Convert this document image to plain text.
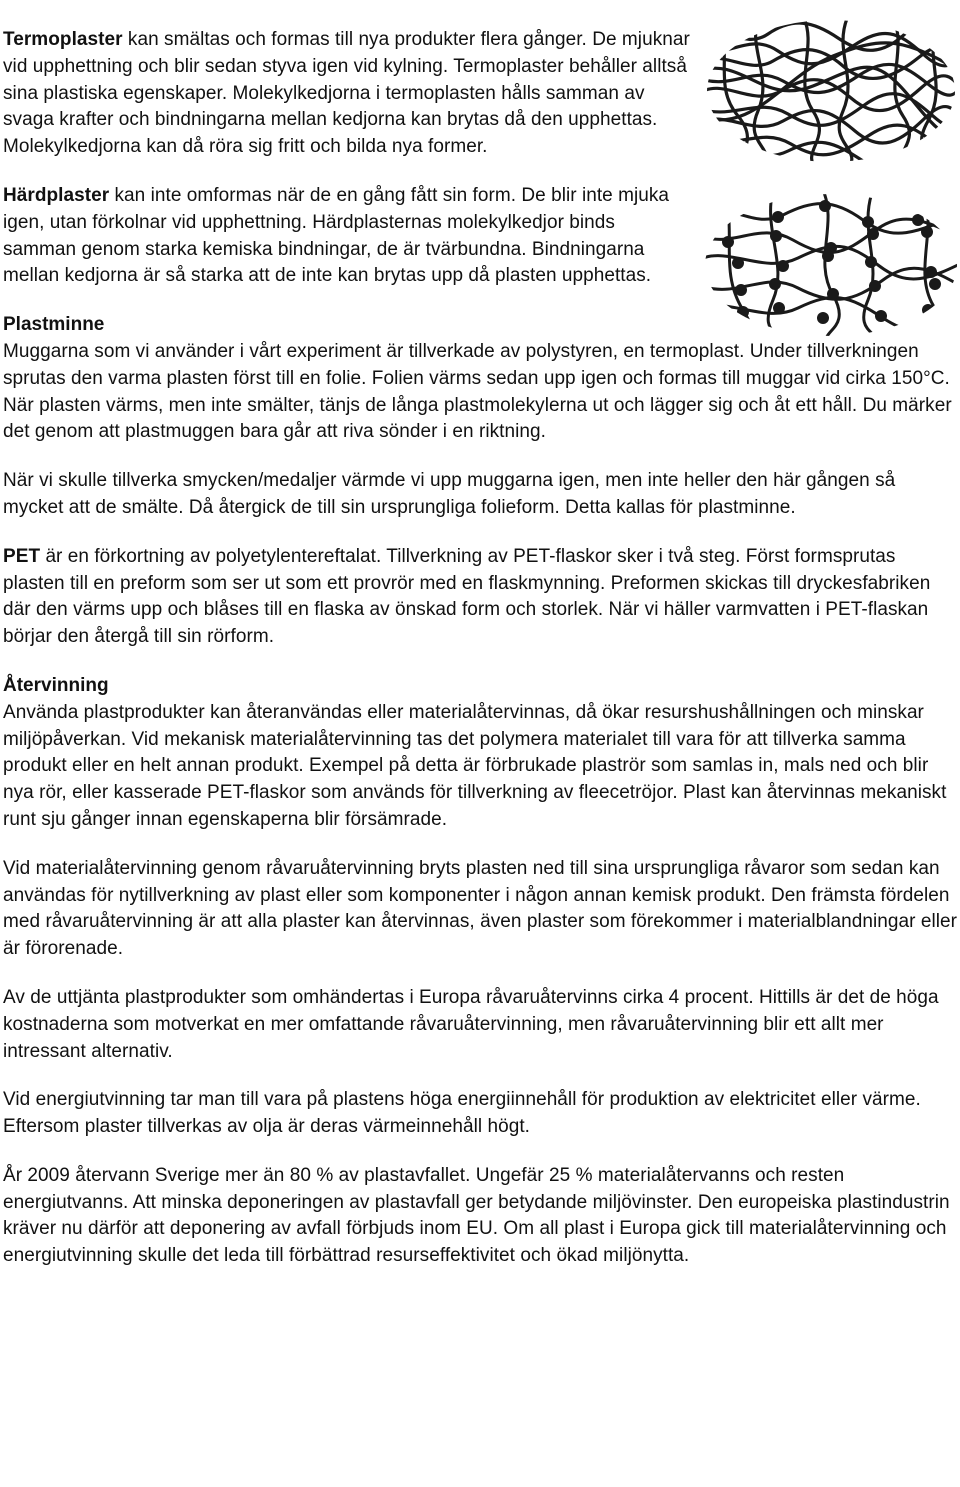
Termoplaster kan smältas och formas till nya produkter flera gånger. De mjuknar vid upphettning och blir sedan styva igen vid kylning. Termoplaster behåller alltså sina plastiska egenskaper. Molekylkedjorna i termoplasten hålls samman av svaga krafter och bindningarna mellan kedjorna kan brytas då den upphettas. Molekylkedjorna kan då röra sig fritt och bilda nya former.

Härdplaster kan inte omformas när de en gång fått sin form. De blir inte mjuka igen, utan förkolnar vid upphettning. Härdplasternas molekylkedjor binds samman genom starka kemiska bindningar, de är tvärbundna. Bindningarna mellan kedjorna är så starka att de inte kan brytas upp då plasten upphettas.

Plastminne

Muggarna som vi använder i vårt experiment är tillverkade av polystyren, en termoplast. Under tillverkningen sprutas den varma plasten först till en folie. Folien värms sedan upp igen och formas till muggar vid cirka 150°C. När plasten värms, men inte smälter, tänjs de långa plastmolekylerna ut och lägger sig och åt ett håll. Du märker det genom att plastmuggen bara går att riva sönder i en riktning.

När vi skulle tillverka smycken/medaljer värmde vi upp muggarna igen, men inte heller den här gången så mycket att de smälte. Då återgick de till sin ursprungliga folieform. Detta kallas för plastminne.

PET är en förkortning av polyetylentereftalat. Tillverkning av PET-flaskor sker i två steg. Först formsprutas plasten till en preform som ser ut som ett provrör med en flaskmynning. Preformen skickas till dryckesfabriken där den värms upp och blåses till en flaska av önskad form och storlek. När vi häller varmvatten i PET-flaskan börjar den återgå till sin rörform.

Återvinning

Använda plastprodukter kan återanvändas eller materialåtervinnas, då ökar resurshushållningen och minskar miljöpåverkan. Vid mekanisk materialåtervinning tas det polymera materialet till vara för att tillverka samma produkt eller en helt annan produkt. Exempel på detta är förbrukade plaströr som samlas in, mals ned och blir nya rör, eller kasserade PET-flaskor som används för tillverkning av fleecetröjor. Plast kan återvinnas mekaniskt runt sju gånger innan egenskaperna blir försämrade.

Vid materialåtervinning genom råvaruåtervinning bryts plasten ned till sina ursprungliga råvaror som sedan kan användas för nytillverkning av plast eller som komponenter i någon annan kemisk produkt. Den främsta fördelen med råvaruåtervinning är att alla plaster kan återvinnas, även plaster som förekommer i materialblandningar eller är förorenade.

Av de uttjänta plastprodukter som omhändertas i Europa råvaruåtervinns cirka 4 procent. Hittills är det de höga kostnaderna som motverkat en mer omfattande råvaruåtervinning, men råvaruåtervinning blir ett allt mer intressant alternativ.

Vid energiutvinning tar man till vara på plastens höga energiinnehåll för produktion av elektricitet eller värme. Eftersom plaster tillverkas av olja är deras värmeinnehåll högt.

År 2009 återvann Sverige mer än 80 % av plastavfallet. Ungefär 25 % materialåtervanns och resten energiutvanns. Att minska deponeringen av plastavfall ger betydande miljövinster. Den europeiska plastindustrin kräver nu därför att deponering av avfall förbjuds inom EU. Om all plast i Europa gick till materialåtervinning och energiutvinning skulle det leda till förbättrad resurseffektivitet och ökad miljönytta.
